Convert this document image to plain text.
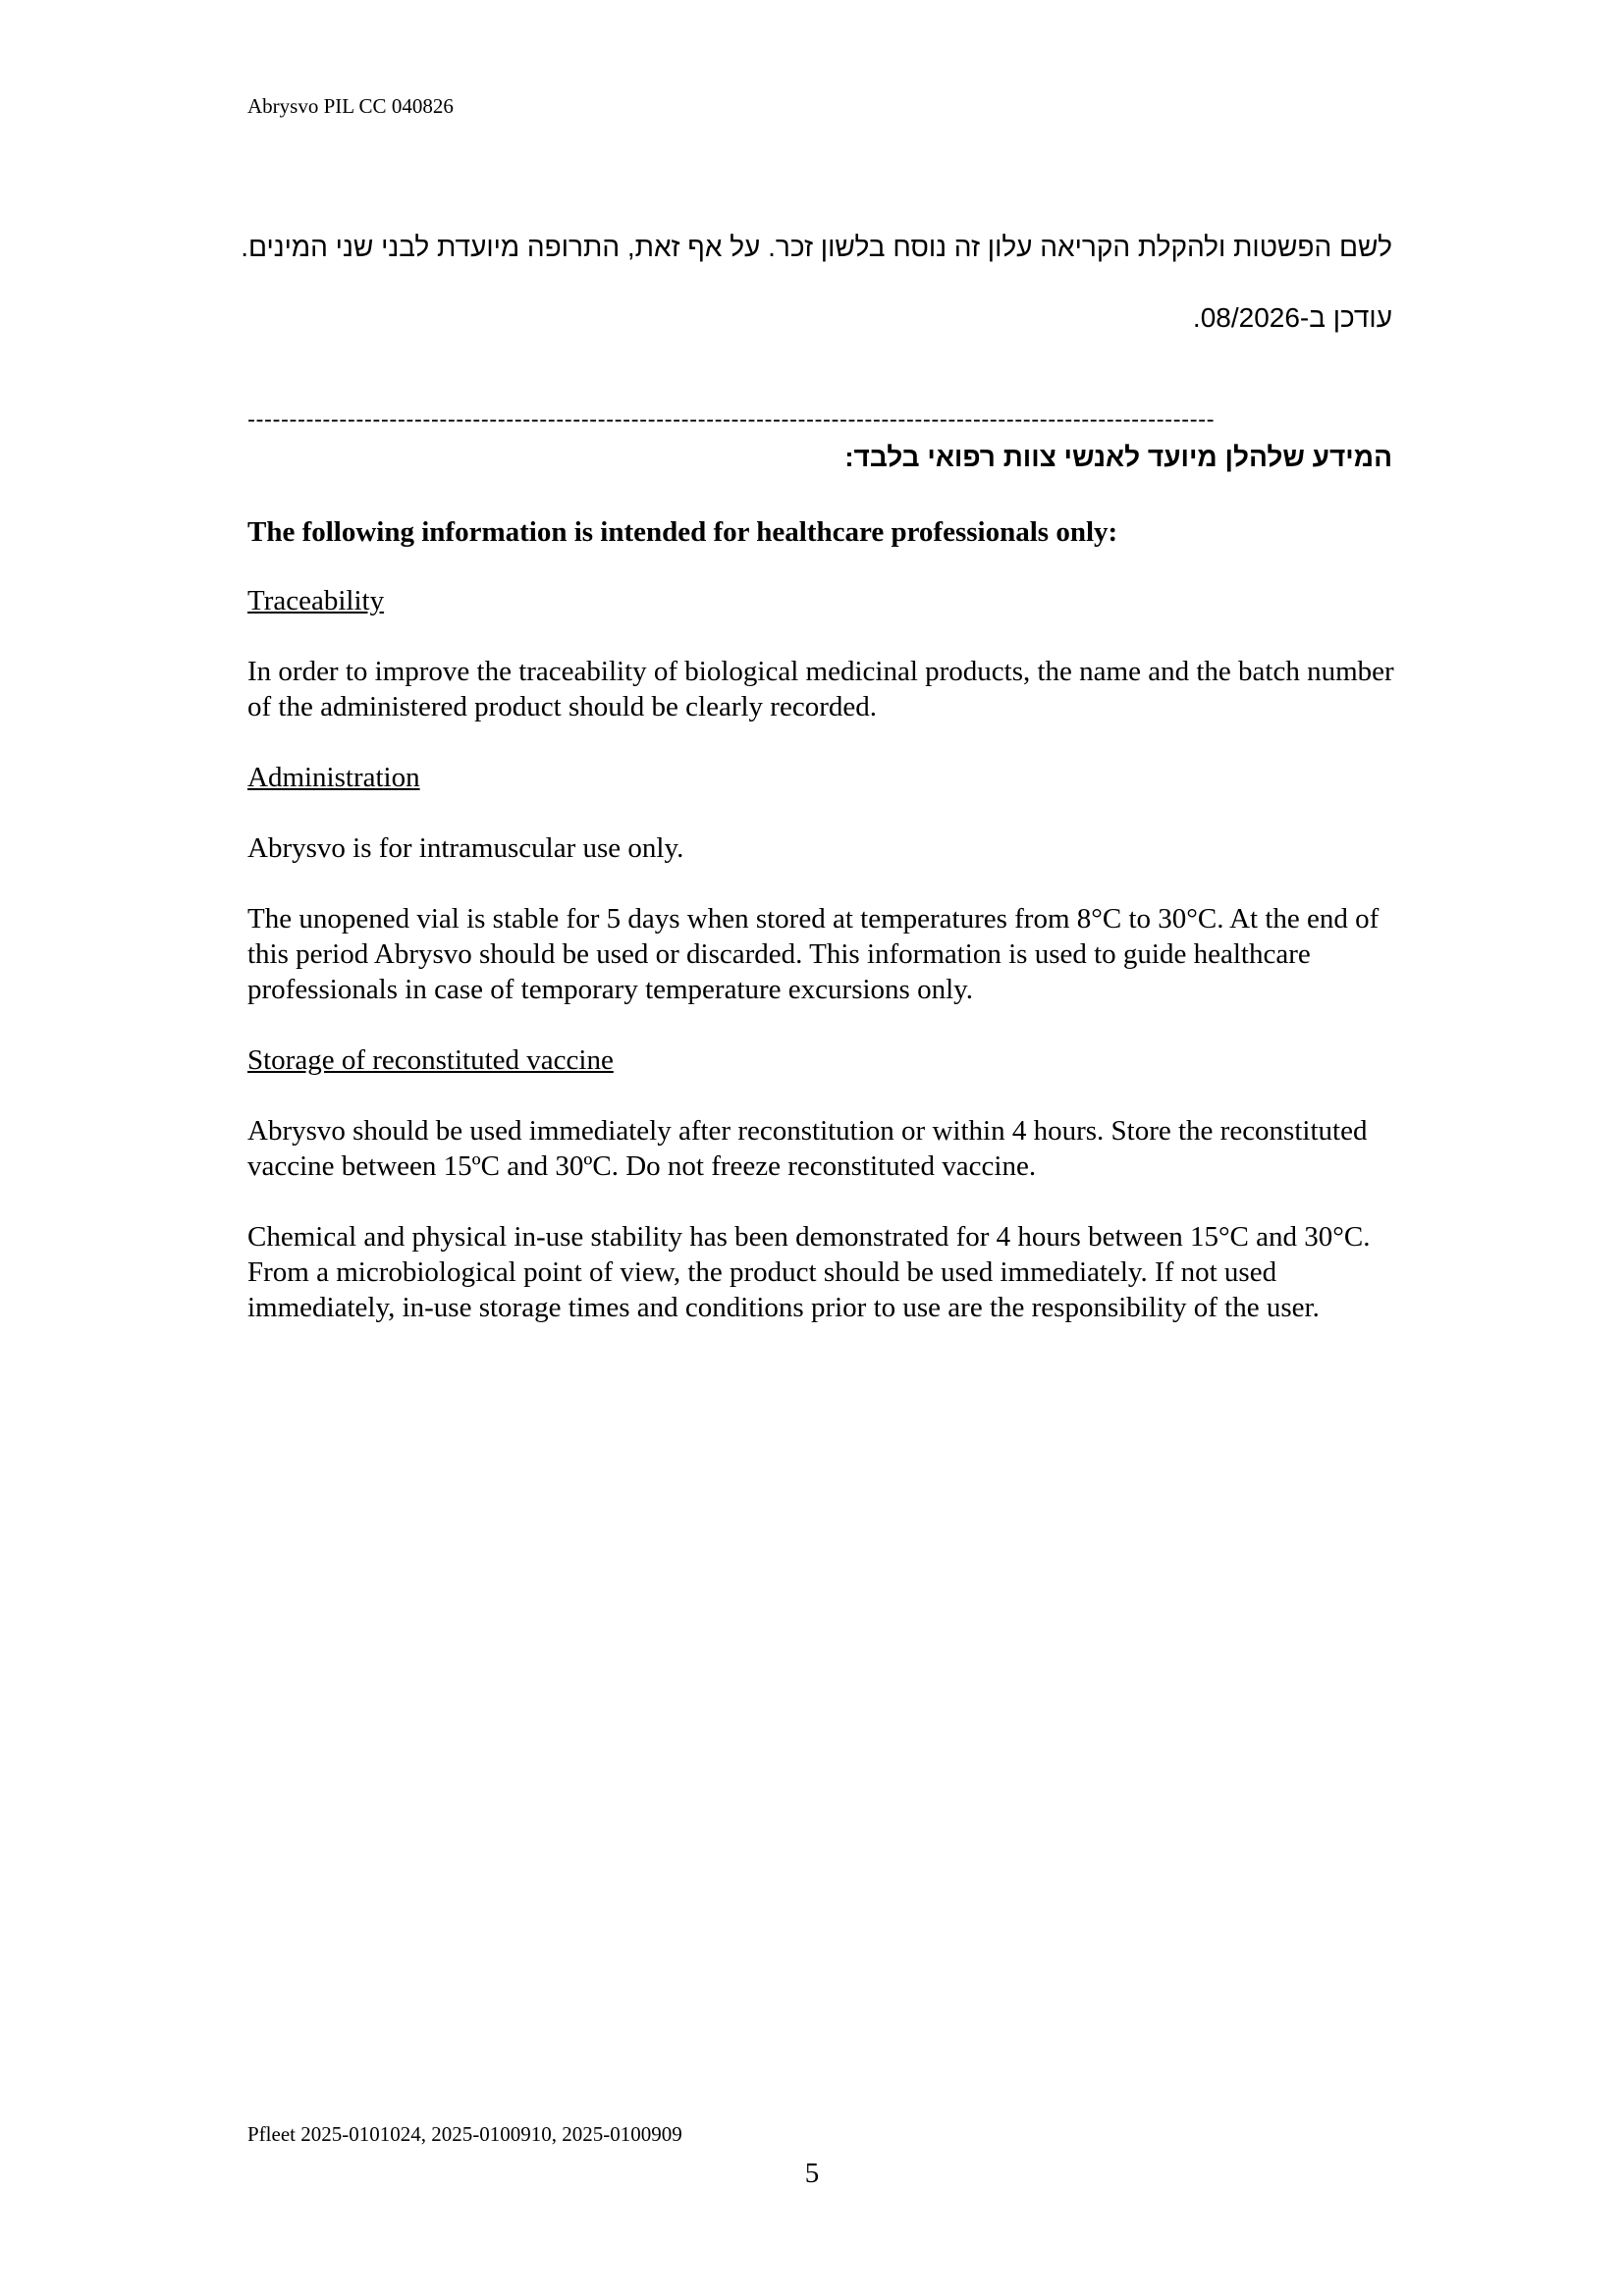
Abrysvo PIL CC 040826
לשם הפשטות ולהקלת הקריאה עלון זה נוסח בלשון זכר. על אף זאת, התרופה מיועדת לבני שני המינים.
עודכן ב-08/2026.
--------------------------------------------------------------------------------------------------------------------
המידע שלהלן מיועד לאנשי צוות רפואי בלבד:
The following information is intended for healthcare professionals only:
Traceability
In order to improve the traceability of biological medicinal products, the name and the batch number of the administered product should be clearly recorded.
Administration
Abrysvo is for intramuscular use only.
The unopened vial is stable for 5 days when stored at temperatures from 8°C to 30°C. At the end of this period Abrysvo should be used or discarded. This information is used to guide healthcare professionals in case of temporary temperature excursions only.
Storage of reconstituted vaccine
Abrysvo should be used immediately after reconstitution or within 4 hours. Store the reconstituted vaccine between 15ºC and 30ºC. Do not freeze reconstituted vaccine.
Chemical and physical in-use stability has been demonstrated for 4 hours between 15°C and 30°C. From a microbiological point of view, the product should be used immediately. If not used immediately, in-use storage times and conditions prior to use are the responsibility of the user.
Pfleet 2025-0101024, 2025-0100910, 2025-0100909
5
